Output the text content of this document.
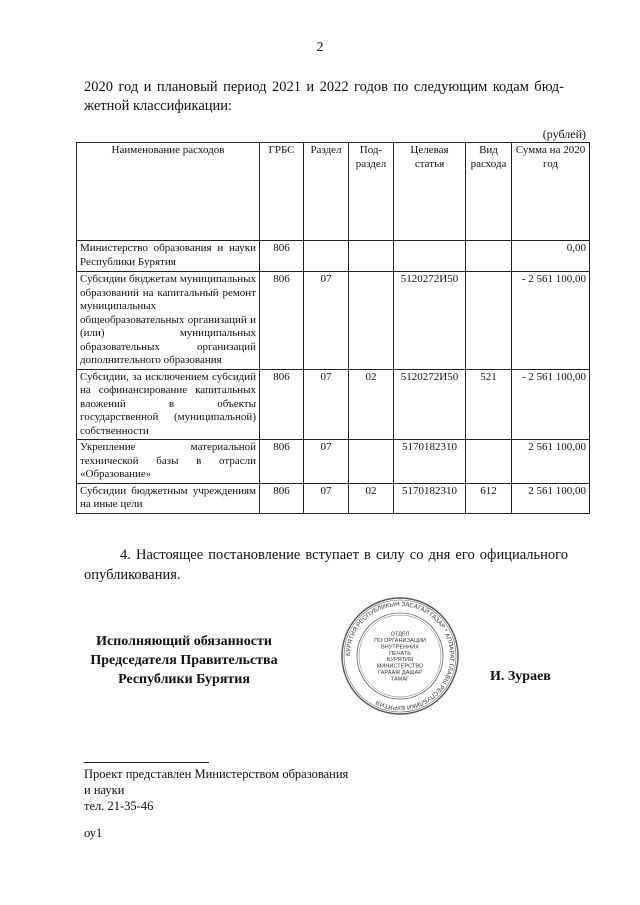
2
2020 год и плановый период 2021 и 2022 годов по следующим кодам бюд-
жетной классификации:
(рублей)
Наименование расходов	ГРБС	Раздел	Под-раздел	Целевая статья	Вид расхода	Сумма на 2020 год
Министерство образования и науки Республики Бурятия	806					0,00
Субсидии бюджетам муниципальных образований на капитальный ремонт муниципальных общеобразовательных организаций и (или) муниципальных образовательных организаций дополнительного образования	806	07		5120272И50		- 2 561 100,00
Субсидии, за исключением субсидий на софинансирование капитальных вложений в объекты государственной (муниципальной) собственности	806	07	02	5120272И50	521	- 2 561 100,00
Укрепление материальной технической базы в отрасли «Образование»	806	07		5170182310		2 561 100,00
Субсидии бюджетным учреждениям на иные цели	806	07	02	5170182310	612	2 561 100,00
4. Настоящее постановление вступает в силу со дня его официального опубликования.
Исполняющий обязанности
Председателя Правительства
Республики Бурятия
БУРЯТИЯ РЕСПУБЛИКЫН ЗАСАГАЙ ГАЗАР * АППАРАТ ГЛАВЫ РЕСПУБЛИКИ БУРЯТИЯ
ОТДЕЛ
ПО ОРГАНИЗАЦИИ
ВНУТРЕННИХ
ПЕЧАТЬ
БУРЯТИЯ
МИНИСТЕРСТВО
ГАРААЖ ДАШАР
ТАМАГ	И. Зураев
Проект представлен Министерством образования
и науки
тел. 21-35-46
оу1
